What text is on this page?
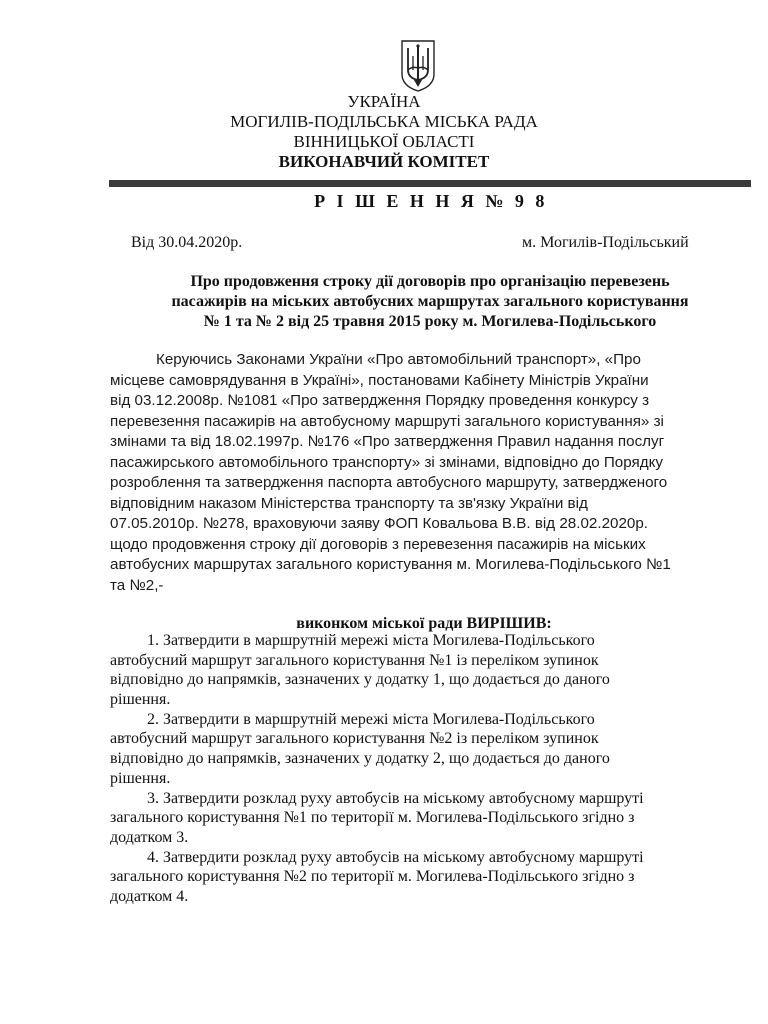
УКРАЇНА

МОГИЛІВ-ПОДІЛЬСЬКА МІСЬКА РАДА

ВІННИЦЬКОЇ ОБЛАСТІ

ВИКОНАВЧИЙ КОМІТЕТ

Р І Ш Е Н Н Я № 9 8

Від 30.04.2020р.	м. Могилів-Подільський
Про продовження строку дії договорів про організацію перевезень
пасажирів на міських автобусних маршрутах загального користування
№ 1 та № 2 від 25 травня 2015 року м. Могилева-Подільського
Керуючись Законами України «Про автомобільний транспорт», «Про
місцеве самоврядування в Україні», постановами Кабінету Міністрів України
від 03.12.2008р. №1081 «Про затвердження Порядку проведення конкурсу з
перевезення пасажирів на автобусному маршруті загального користування» зі
змінами та від 18.02.1997р. №176 «Про затвердження Правил надання послуг
пасажирського автомобільного транспорту» зі змінами, відповідно до Порядку
розроблення та затвердження паспорта автобусного маршруту, затвердженого
відповідним наказом Міністерства транспорту та зв'язку України від
07.05.2010р. №278, враховуючи заяву ФОП Ковальова В.В. від 28.02.2020р.
щодо продовження строку дії договорів з перевезення пасажирів на міських
автобусних маршрутах загального користування м. Могилева-Подільського №1
та №2,-

виконком міської ради ВИРІШИВ:

1. Затвердити в маршрутній мережі міста Могилева-Подільського
автобусний маршрут загального користування №1 із переліком зупинок
відповідно до напрямків, зазначених у додатку 1, що додається до даного
рішення.
2. Затвердити в маршрутній мережі міста Могилева-Подільського
автобусний маршрут загального користування №2 із переліком зупинок
відповідно до напрямків, зазначених у додатку 2, що додається до даного
рішення.
3. Затвердити розклад руху автобусів на міському автобусному маршруті
загального користування №1 по території м. Могилева-Подільського згідно з
додатком 3.
4. Затвердити розклад руху автобусів на міському автобусному маршруті
загального користування №2 по території м. Могилева-Подільського згідно з
додатком 4.
